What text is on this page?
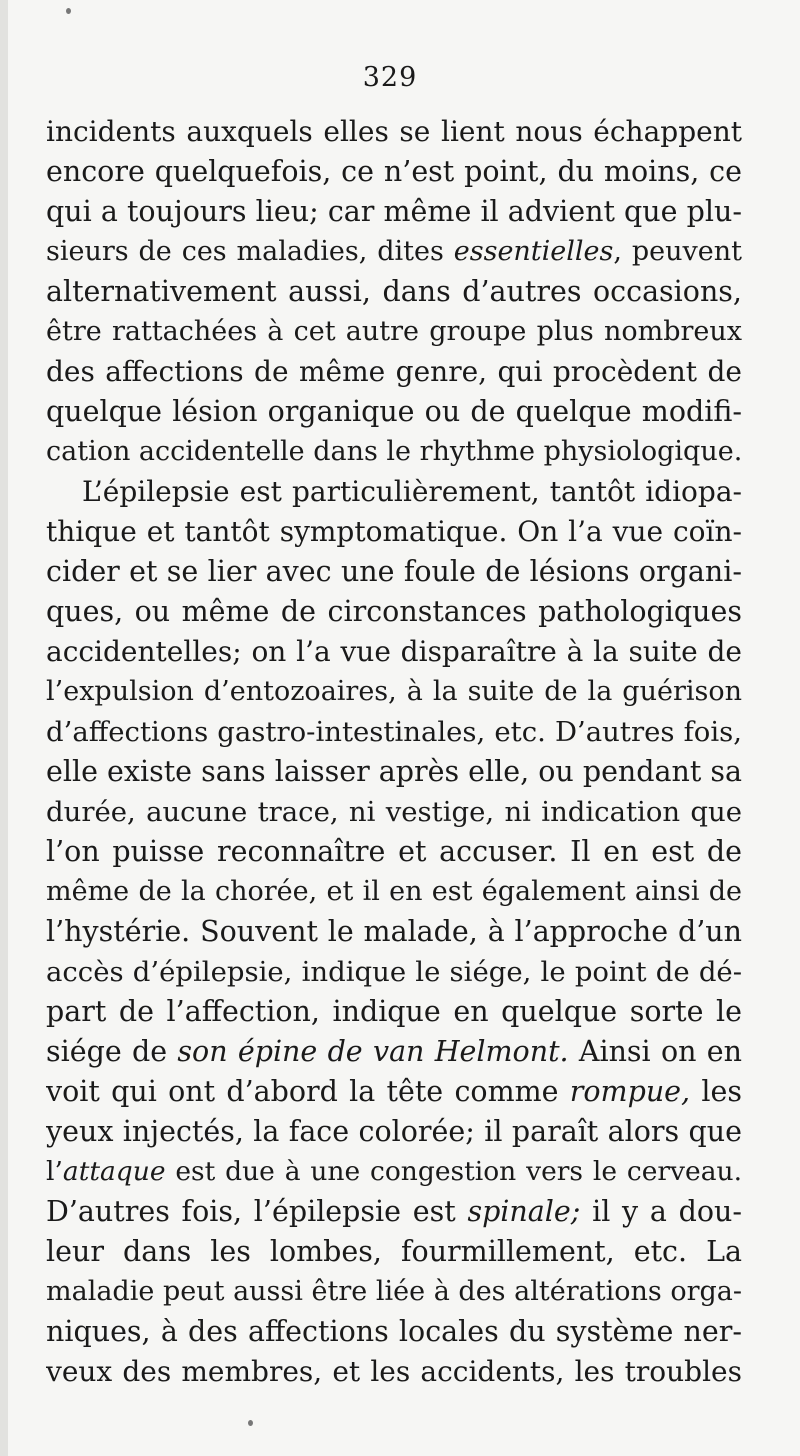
329
incidents auxquels elles se lient nous échappent
encore quelquefois, ce n’est point, du moins, ce
qui a toujours lieu; car même il advient que plu-
sieurs de ces maladies, dites essentielles, peuvent
alternativement aussi, dans d’autres occasions,
être rattachées à cet autre groupe plus nombreux
des affections de même genre, qui procèdent de
quelque lésion organique ou de quelque modifi-
cation accidentelle dans le rhythme physiologique.
L’épilepsie est particulièrement, tantôt idiopa-
thique et tantôt symptomatique. On l’a vue coïn-
cider et se lier avec une foule de lésions organi-
ques, ou même de circonstances pathologiques
accidentelles; on l’a vue disparaître à la suite de
l’expulsion d’entozoaires, à la suite de la guérison
d’affections gastro-intestinales, etc. D’autres fois,
elle existe sans laisser après elle, ou pendant sa
durée, aucune trace, ni vestige, ni indication que
l’on puisse reconnaître et accuser. Il en est de
même de la chorée, et il en est également ainsi de
l’hystérie. Souvent le malade, à l’approche d’un
accès d’épilepsie, indique le siége, le point de dé-
part de l’affection, indique en quelque sorte le
siége de son épine de van Helmont. Ainsi on en
voit qui ont d’abord la tête comme rompue, les
yeux injectés, la face colorée; il paraît alors que
l’attaque est due à une congestion vers le cerveau.
D’autres fois, l’épilepsie est spinale; il y a dou-
leur dans les lombes, fourmillement, etc. La
maladie peut aussi être liée à des altérations orga-
niques, à des affections locales du système ner-
veux des membres, et les accidents, les troubles
